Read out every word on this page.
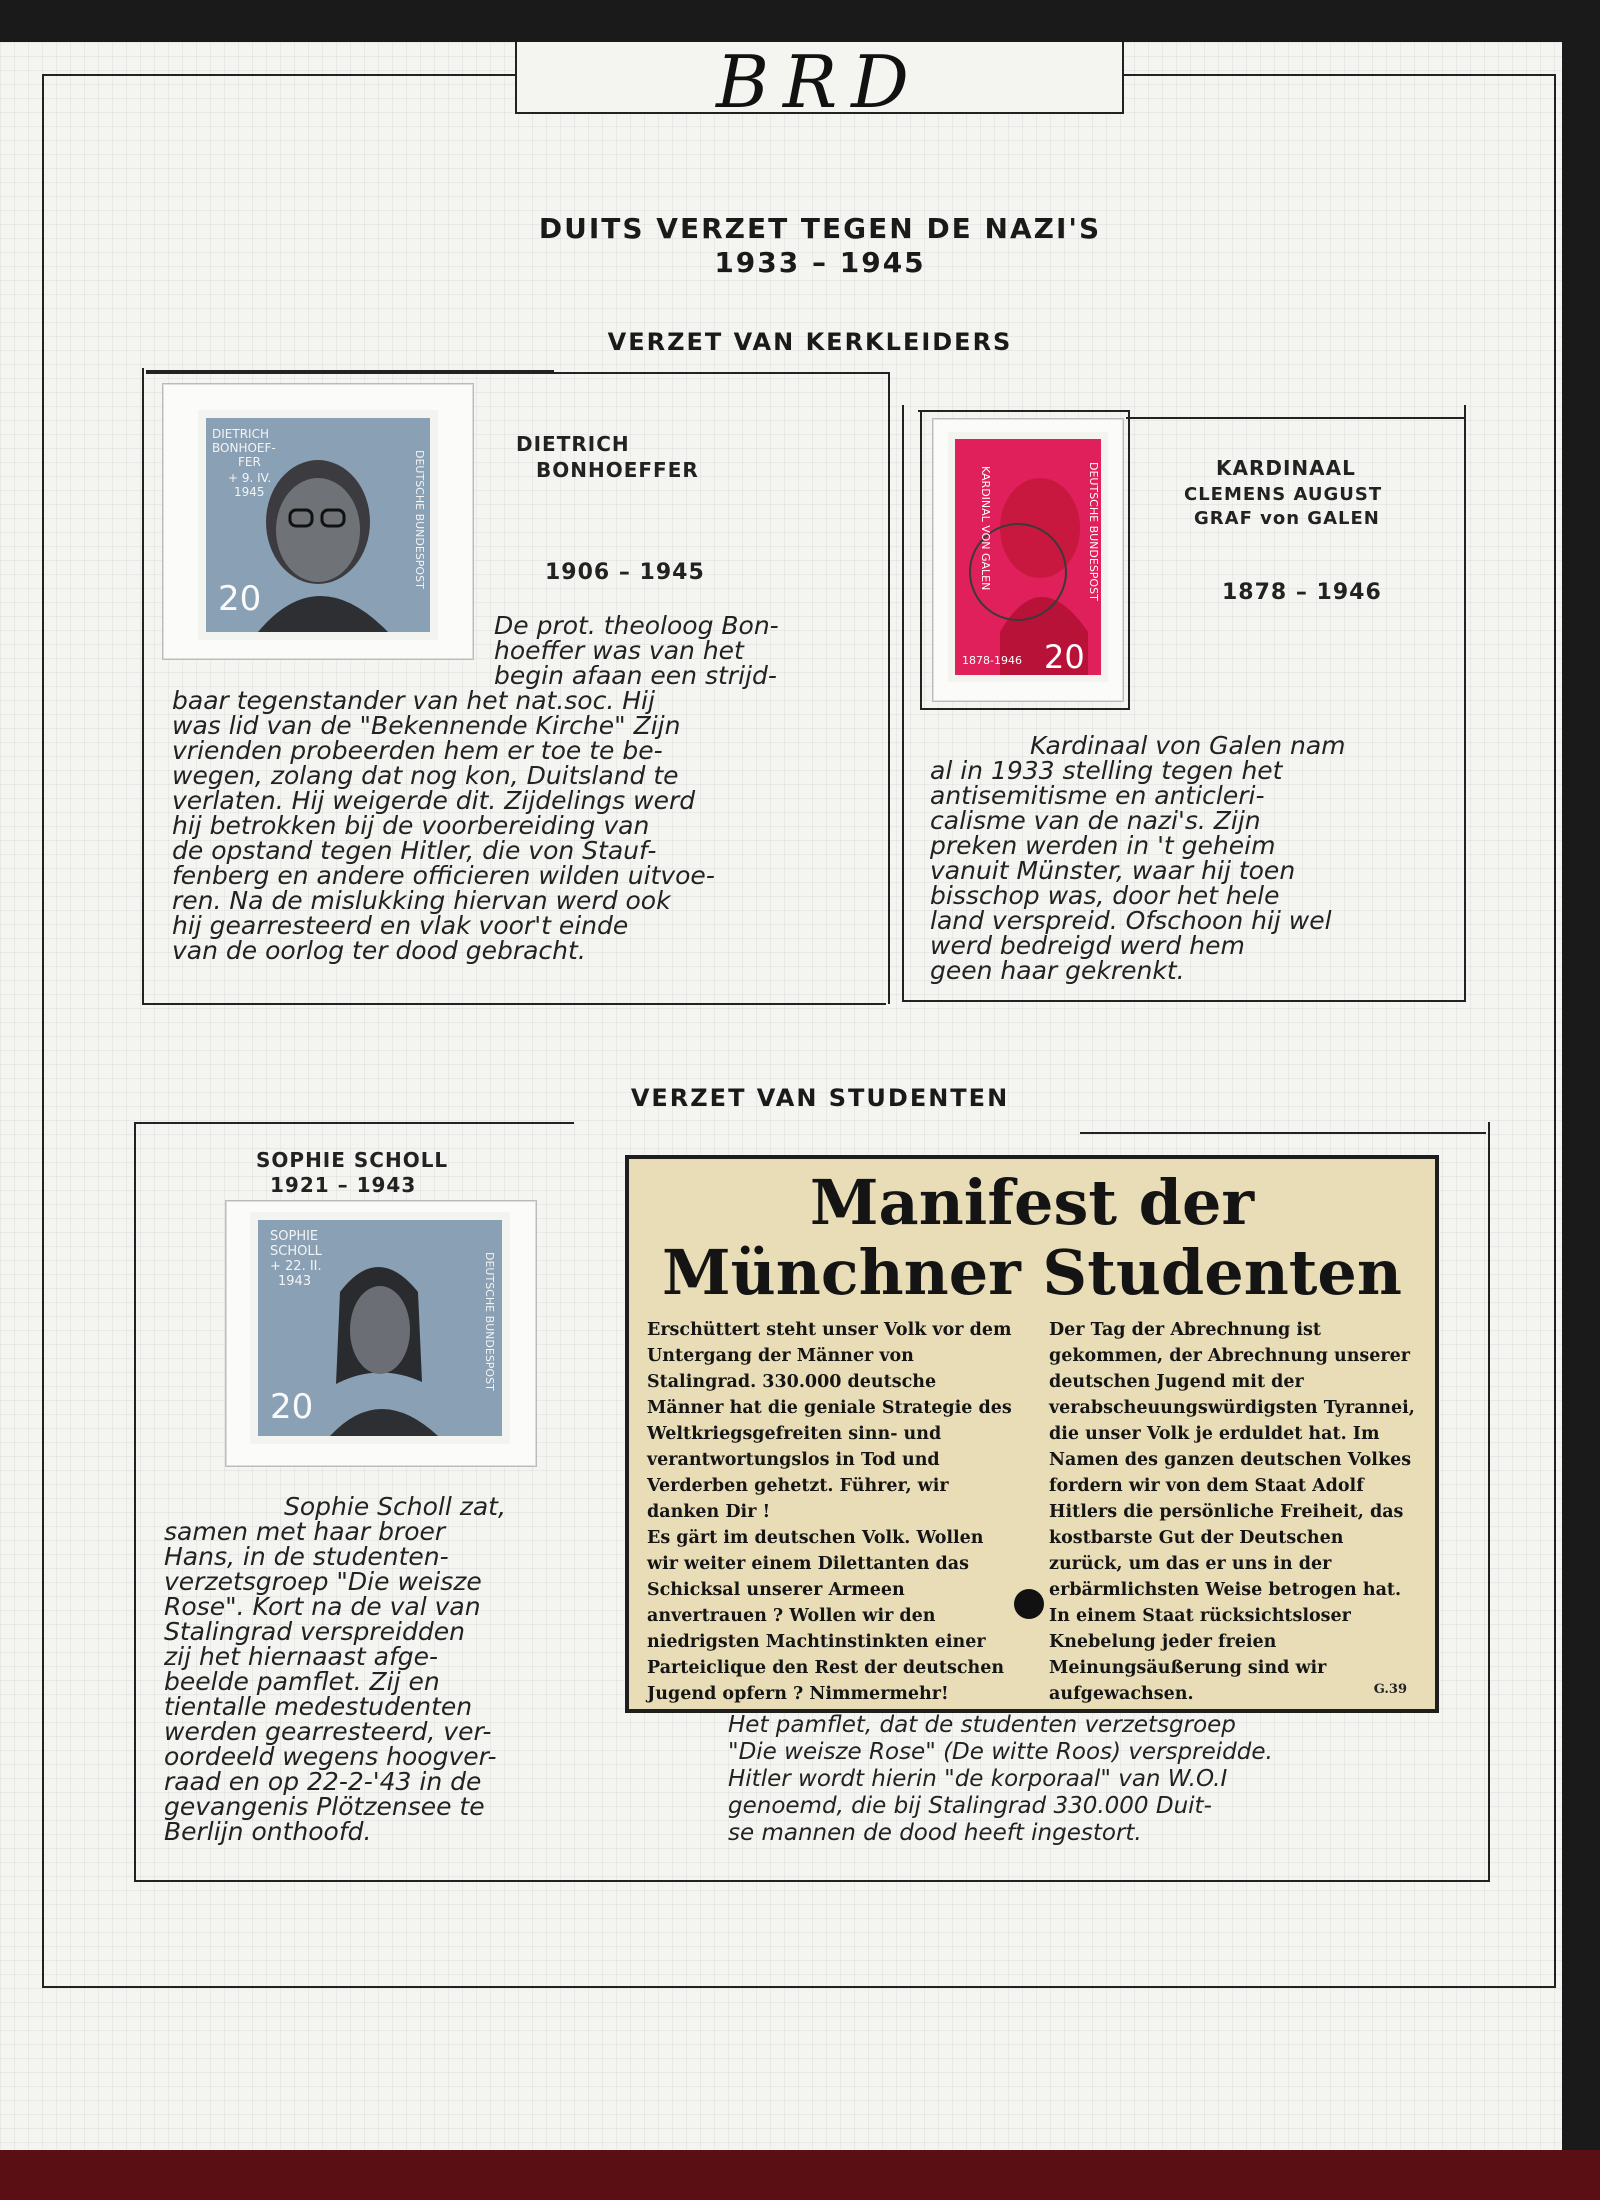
BRD
DUITS VERZET TEGEN DE NAZI'S
1933 – 1945
VERZET VAN KERKLEIDERS
DIETRICH
BONHOEF-
FER
+ 9. IV.
1945
20
DEUTSCHE BUNDESPOST
DIETRICH
BONHOEFFER
1906 – 1945
De prot. theoloog Bon-
hoeffer was van het
begin afaan een strijd-
baar tegenstander van het nat.soc. Hij
was lid van de "Bekennende Kirche" Zijn
vrienden probeerden hem er toe te be-
wegen, zolang dat nog kon, Duitsland te
verlaten. Hij weigerde dit. Zijdelings werd
hij betrokken bij de voorbereiding van
de opstand tegen Hitler, die von Stauf-
fenberg en andere officieren wilden uitvoe-
ren. Na de mislukking hiervan werd ook
hij gearresteerd en vlak voor't einde
van de oorlog ter dood gebracht.
KARDINAL VON GALEN	DEUTSCHE BUNDESPOST
1878-1946 20
KARDINAAL
CLEMENS AUGUST
GRAF von GALEN
1878 – 1946
Kardinaal von Galen nam
al in 1933 stelling tegen het
antisemitisme en anticleri-
calisme van de nazi's. Zijn
preken werden in 't geheim
vanuit Münster, waar hij toen
bisschop was, door het hele
land verspreid. Ofschoon hij wel
werd bedreigd werd hem
geen haar gekrenkt.
VERZET VAN STUDENTEN
SOPHIE SCHOLL
1921 – 1943
SOPHIE
SCHOLL
+ 22. II.
1943
20
DEUTSCHE BUNDESPOST
Sophie Scholl zat,
samen met haar broer
Hans, in de studenten-
verzetsgroep "Die weisze
Rose". Kort na de val van
Stalingrad verspreidden
zij het hiernaast afge-
beelde pamflet. Zij en
tientalle medestudenten
werden gearresteerd, ver-
oordeeld wegens hoogver-
raad en op 22-2-'43 in de
gevangenis Plötzensee te
Berlijn onthoofd.
Manifest der
Münchner Studenten

Erschüttert steht unser Volk vor dem Untergang der Männer von Stalingrad. 330.000 deutsche Männer hat die geniale Strategie des Weltkriegsgefreiten sinn- und verantwortungslos in Tod und Verderben gehetzt. Führer, wir danken Dir !

Es gärt im deutschen Volk. Wollen wir weiter einem Dilettanten das Schicksal unserer Armeen anvertrauen ? Wollen wir den niedrigsten Machtinstinkten einer Parteiclique den Rest der deutschen Jugend opfern ? Nimmermehr!

Der Tag der Abrechnung ist gekommen, der Abrechnung unserer deutschen Jugend mit der verabscheuungswürdigsten Tyrannei, die unser Volk je erduldet hat. Im Namen des ganzen deutschen Volkes fordern wir von dem Staat Adolf Hitlers die persönliche Freiheit, das kostbarste Gut der Deutschen zurück, um das er uns in der erbärmlichsten Weise betrogen hat.

In einem Staat rücksichtsloser Knebelung jeder freien Meinungsäußerung sind wir aufgewachsen.	G.39
Het pamflet, dat de studenten verzetsgroep
"Die weisze Rose" (De witte Roos) verspreidde.
Hitler wordt hierin "de korporaal" van W.O.I
genoemd, die bij Stalingrad 330.000 Duit-
se mannen de dood heeft ingestort.
